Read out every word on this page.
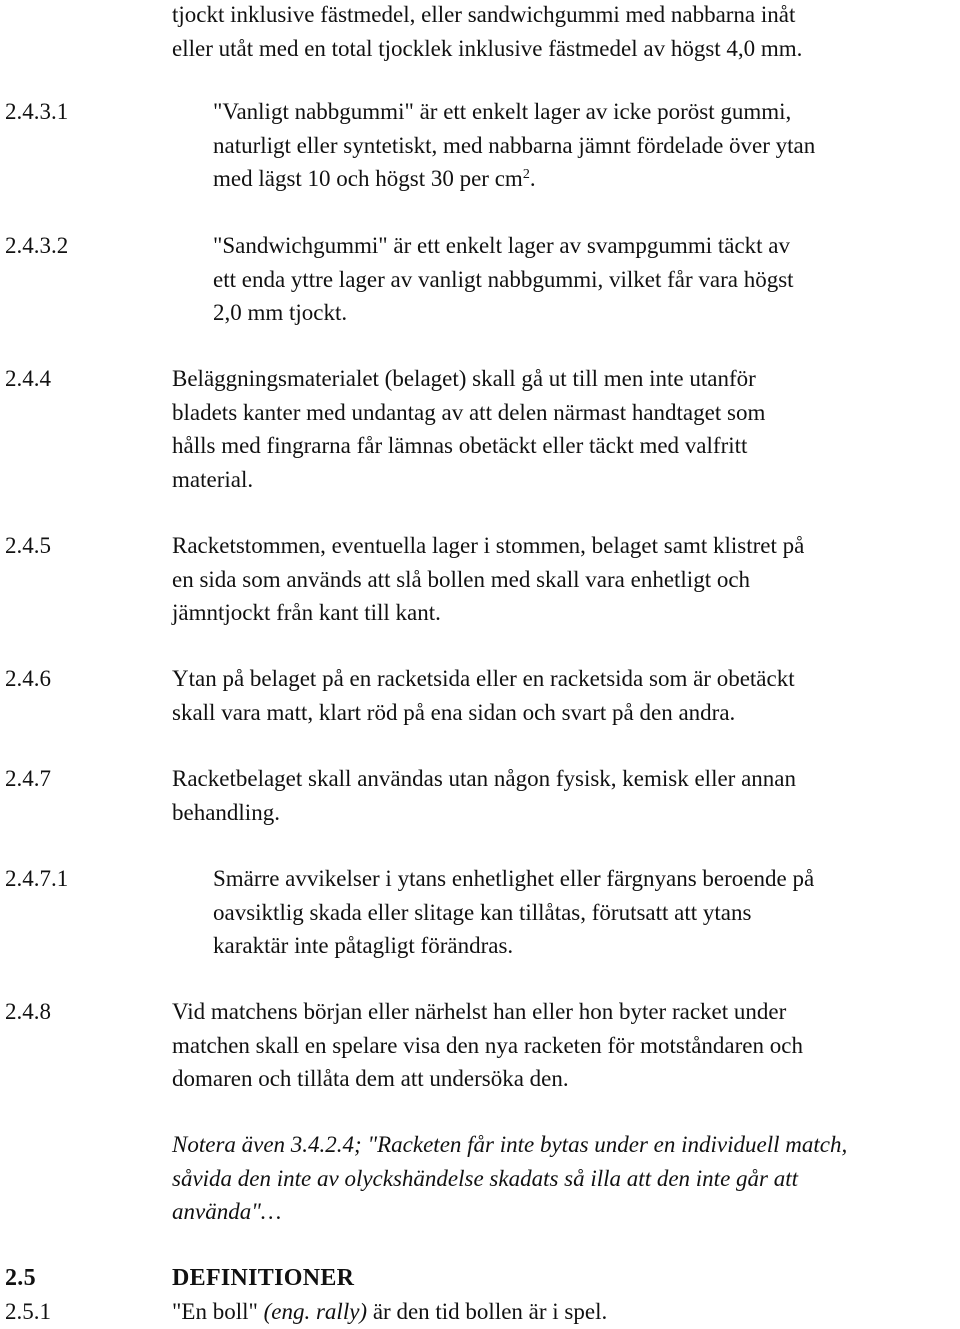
tjockt inklusive fästmedel, eller sandwichgummi med nabbarna inåt
eller utåt med en total tjocklek inklusive fästmedel av högst 4,0 mm.
2.4.3.1	"Vanligt nabbgummi" är ett enkelt lager av icke poröst gummi,
naturligt eller syntetiskt, med nabbarna jämnt fördelade över ytan
med lägst 10 och högst 30 per $cm^2$.
2.4.3.2	"Sandwichgummi" är ett enkelt lager av svampgummi täckt av
ett enda yttre lager av vanligt nabbgummi, vilket får vara högst
2,0 mm tjockt.
2.4.4	Beläggningsmaterialet (belaget) skall gå ut till men inte utanför
bladets kanter med undantag av att delen närmast handtaget som
hålls med fingrarna får lämnas obetäckt eller täckt med valfritt
material.
2.4.5	Racketstommen, eventuella lager i stommen, belaget samt klistret på
en sida som används att slå bollen med skall vara enhetligt och
jämntjockt från kant till kant.
2.4.6	Ytan på belaget på en racketsida eller en racketsida som är obetäckt
skall vara matt, klart röd på ena sidan och svart på den andra.
2.4.7	Racketbelaget skall användas utan någon fysisk, kemisk eller annan
behandling.
2.4.7.1	Smärre avvikelser i ytans enhetlighet eller färgnyans beroende på
oavsiktlig skada eller slitage kan tillåtas, förutsatt att ytans
karaktär inte påtagligt förändras.
2.4.8	Vid matchens början eller närhelst han eller hon byter racket under
matchen skall en spelare visa den nya racketen för motståndaren och
domaren och tillåta dem att undersöka den.
Notera även 3.4.2.4; "Racketen får inte bytas under en individuell match,
såvida den inte av olyckshändelse skadats så illa att den inte går att
använda"…
2.5	DEFINITIONER
2.5.1	"En boll" (eng. rally) är den tid bollen är i spel.
